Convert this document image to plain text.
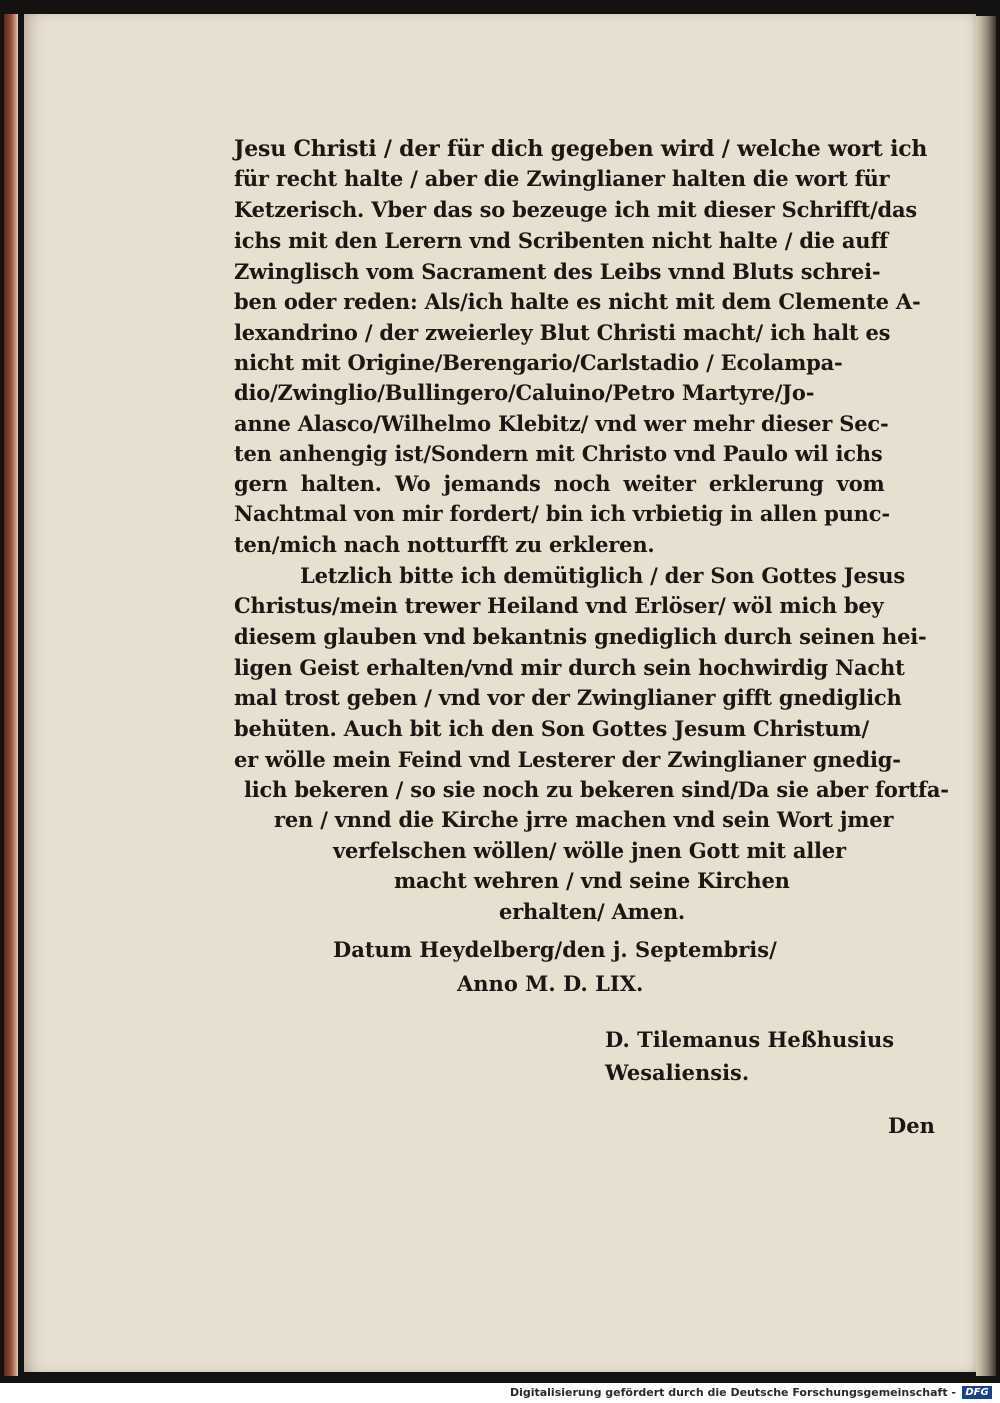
Jesu Christi / der für dich gegeben wird / welche wort ich
für recht halte / aber die Zwinglianer halten die wort für
Ketzerisch. Vber das so bezeuge ich mit dieser Schrifft/das
ichs mit den Lerern vnd Scribenten nicht halte / die auff
Zwinglisch vom Sacrament des Leibs vnnd Bluts schrei-
ben oder reden: Als/ich halte es nicht mit dem Clemente A-
lexandrino / der zweierley Blut Christi macht/ ich halt es
nicht mit Origine/Berengario/Carlstadio / Ecolampa-
dio/Zwinglio/Bullingero/Caluino/Petro Martyre/Jo-
anne Alasco/Wilhelmo Klebitz/ vnd wer mehr dieser Sec-
ten anhengig ist/Sondern mit Christo vnd Paulo wil ichs
gern halten. Wo jemands noch weiter erklerung vom
Nachtmal von mir fordert/ bin ich vrbietig in allen punc-
ten/mich nach notturfft zu erkleren.
Letzlich bitte ich demütiglich / der Son Gottes Jesus
Christus/mein trewer Heiland vnd Erlöser/ wöl mich bey
diesem glauben vnd bekantnis gnediglich durch seinen hei-
ligen Geist erhalten/vnd mir durch sein hochwirdig Nacht
mal trost geben / vnd vor der Zwinglianer gifft gnediglich
behüten. Auch bit ich den Son Gottes Jesum Christum/
er wölle mein Feind vnd Lesterer der Zwinglianer gnedig-
lich bekeren / so sie noch zu bekeren sind/Da sie aber fortfa-
ren / vnnd die Kirche jrre machen vnd sein Wort jmer
verfelschen wöllen/ wölle jnen Gott mit aller
macht wehren / vnd seine Kirchen
erhalten/ Amen.
Datum Heydelberg/den j. Septembris/
Anno M. D. LIX.
D. Tilemanus Heßhusius
Wesaliensis.
Den
Digitalisierung gefördert durch die Deutsche Forschungsgemeinschaft - DFG
